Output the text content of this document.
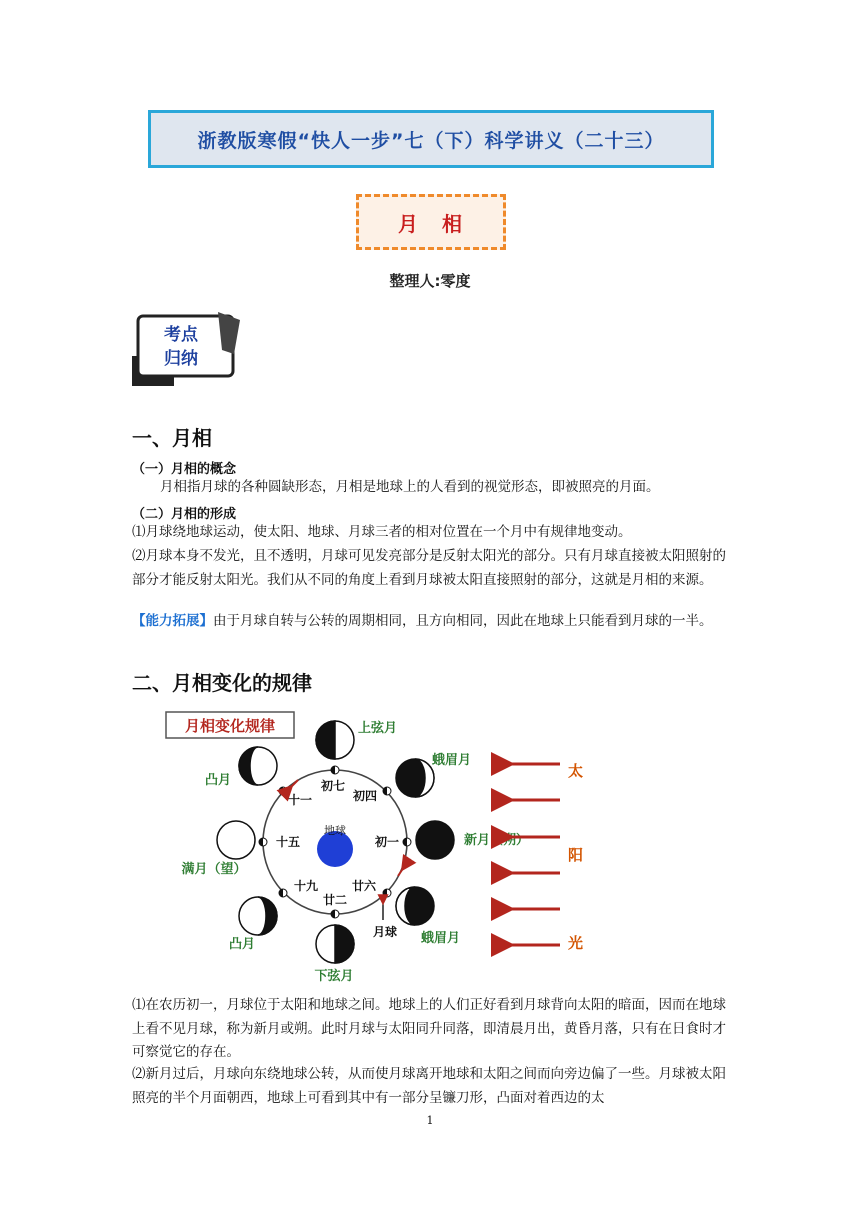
浙教版寒假“快人一步”七（下）科学讲义（二十三）
月　相
整理人:零度
考点
归纳
一、月相
（一）月相的概念
月相指月球的各种圆缺形态，月相是地球上的人看到的视觉形态，即被照亮的月面。
（二）月相的形成
⑴月球绕地球运动，使太阳、地球、月球三者的相对位置在一个月中有规律地变动。
⑵月球本身不发光，且不透明，月球可见发亮部分是反射太阳光的部分。只有月球直接被太阳照射的部分才能反射太阳光。我们从不同的角度上看到月球被太阳直接照射的部分，这就是月相的来源。
【能力拓展】由于月球自转与公转的周期相同，且方向相同，因此在地球上只能看到月球的一半。
二、月相变化的规律
月相变化规律
地球
初七
初四
初一
廿六
廿二
十九
十五
十一
月球
上弦月
蛾眉月
新月（朔）
蛾眉月
下弦月
凸月
满月（望）
凸月
太
阳
光
⑴在农历初一，月球位于太阳和地球之间。地球上的人们正好看到月球背向太阳的暗面，因而在地球上看不见月球，称为新月或朔。此时月球与太阳同升同落，即清晨月出，黄昏月落，只有在日食时才可察觉它的存在。
⑵新月过后，月球向东绕地球公转，从而使月球离开地球和太阳之间而向旁边偏了一些。月球被太阳照亮的半个月面朝西，地球上可看到其中有一部分呈镰刀形，凸面对着西边的太
1
